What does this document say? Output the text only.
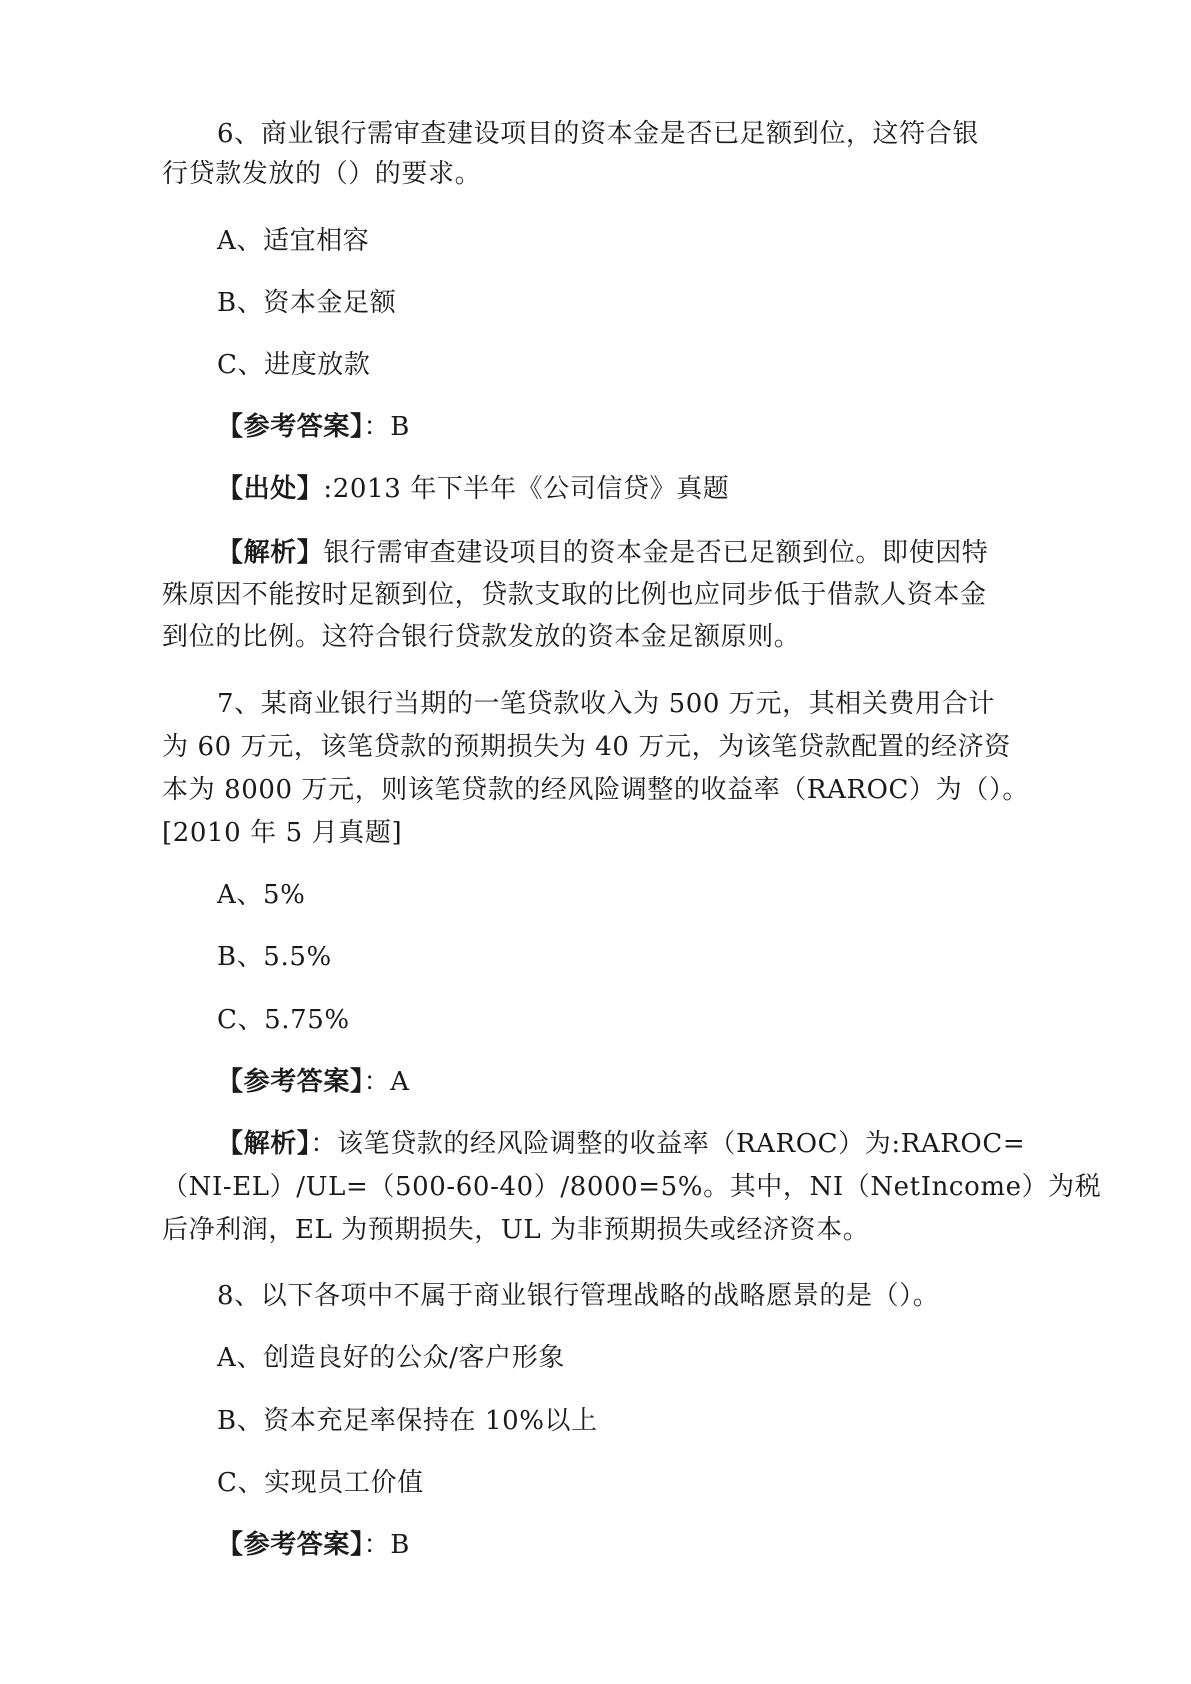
6、商业银行需审查建设项目的资本金是否已足额到位，这符合银
行贷款发放的（）的要求。
A、适宜相容
B、资本金足额
C、进度放款
【参考答案】：B
【出处】:2013 年下半年《公司信贷》真题
【解析】银行需审查建设项目的资本金是否已足额到位。即使因特
殊原因不能按时足额到位，贷款支取的比例也应同步低于借款人资本金
到位的比例。这符合银行贷款发放的资本金足额原则。
7、某商业银行当期的一笔贷款收入为 500 万元，其相关费用合计
为 60 万元，该笔贷款的预期损失为 40 万元，为该笔贷款配置的经济资
本为 8000 万元，则该笔贷款的经风险调整的收益率（RAROC）为（）。
[2010 年 5 月真题]
A、5%
B、5.5%
C、5.75%
【参考答案】：A
【解析】：该笔贷款的经风险调整的收益率（RAROC）为:RAROC=
（NI-EL）/UL=（500-60-40）/8000=5%。其中，NI（NetIncome）为税
后净利润，EL 为预期损失，UL 为非预期损失或经济资本。
8、以下各项中不属于商业银行管理战略的战略愿景的是（）。
A、创造良好的公众/客户形象
B、资本充足率保持在 10%以上
C、实现员工价值
【参考答案】：B
